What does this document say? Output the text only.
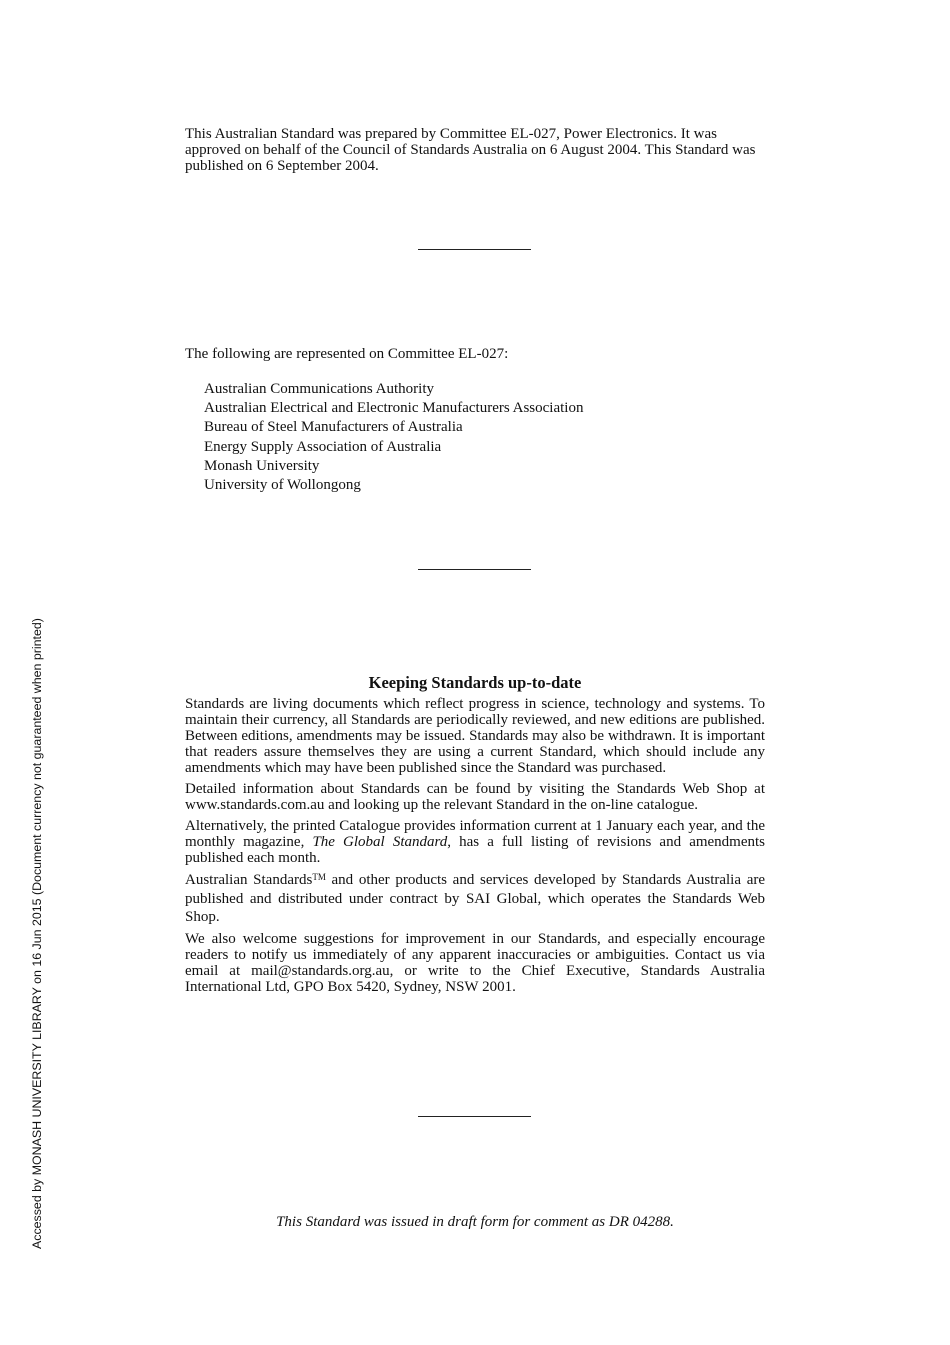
This Australian Standard was prepared by Committee EL-027, Power Electronics. It was approved on behalf of the Council of Standards Australia on 6 August 2004. This Standard was published on 6 September 2004.

The following are represented on Committee EL-027:

Australian Communications Authority
Australian Electrical and Electronic Manufacturers Association
Bureau of Steel Manufacturers of Australia
Energy Supply Association of Australia
Monash University
University of Wollongong
Keeping Standards up-to-date

Standards are living documents which reflect progress in science, technology and systems. To maintain their currency, all Standards are periodically reviewed, and new editions are published. Between editions, amendments may be issued. Standards may also be withdrawn. It is important that readers assure themselves they are using a current Standard, which should include any amendments which may have been published since the Standard was purchased.

Detailed information about Standards can be found by visiting the Standards Web Shop at www.standards.com.au and looking up the relevant Standard in the on-line catalogue.

Alternatively, the printed Catalogue provides information current at 1 January each year, and the monthly magazine, The Global Standard, has a full listing of revisions and amendments published each month.

Australian Standards™ and other products and services developed by Standards Australia are published and distributed under contract by SAI Global, which operates the Standards Web Shop.

We also welcome suggestions for improvement in our Standards, and especially encourage readers to notify us immediately of any apparent inaccuracies or ambiguities. Contact us via email at mail@standards.org.au, or write to the Chief Executive, Standards Australia International Ltd, GPO Box 5420, Sydney, NSW 2001.

This Standard was issued in draft form for comment as DR 04288.

Accessed by MONASH UNIVERSITY LIBRARY on 16 Jun 2015 (Document currency not guaranteed when printed)
